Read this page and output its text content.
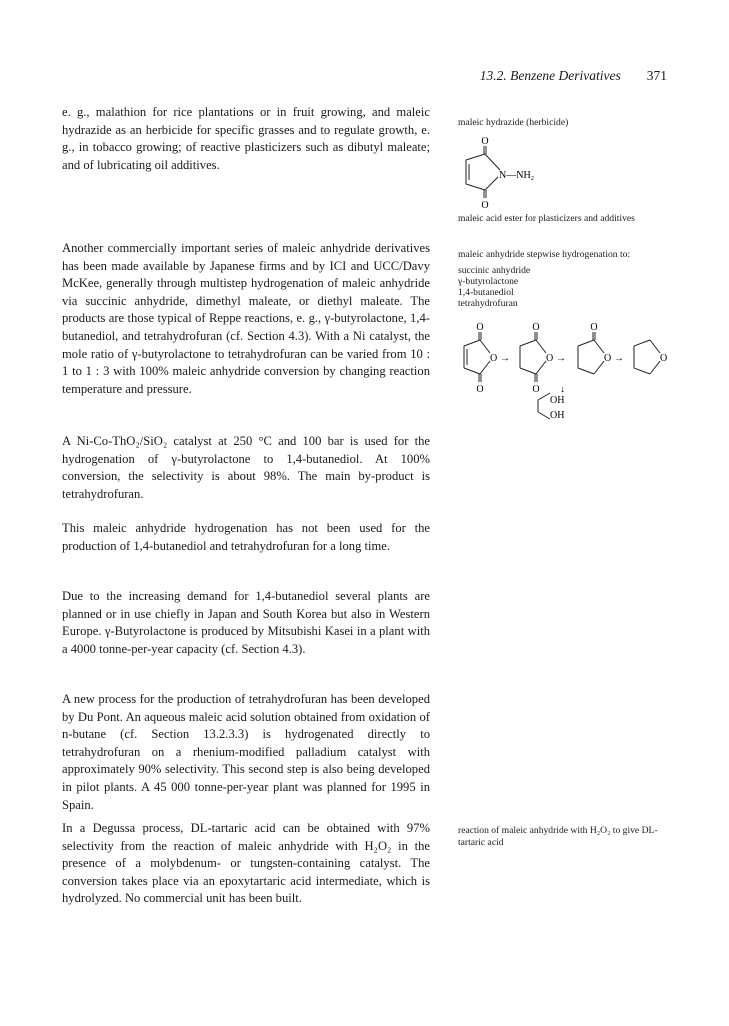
13.2. Benzene Derivatives 371

e. g., malathion for rice plantations or in fruit growing, and maleic hydrazide as an herbicide for specific grasses and to regulate growth, e. g., in tobacco growing; of reactive plasticizers such as dibutyl maleate; and of lubricating oil additives.

Another commercially important series of maleic anhydride derivatives has been made available by Japanese firms and by ICI and UCC/Davy McKee, generally through multistep hydrogenation of maleic anhydride via succinic anhydride, dimethyl maleate, or diethyl maleate. The products are those typical of Reppe reactions, e. g., γ-butyrolactone, 1,4-butanediol, and tetrahydrofuran (cf. Section 4.3). With a Ni catalyst, the mole ratio of γ-butyrolactone to tetrahydrofuran can be varied from 10 : 1 to 1 : 3 with 100% maleic anhydride conversion by changing reaction temperature and pressure.

A Ni-Co-ThO₂/SiO₂ catalyst at 250 °C and 100 bar is used for the hydrogenation of γ-butyrolactone to 1,4-butanediol. At 100% conversion, the selectivity is about 98%. The main by-product is tetrahydrofuran.

This maleic anhydride hydrogenation has not been used for the production of 1,4-butanediol and tetrahydrofuran for a long time.

Due to the increasing demand for 1,4-butanediol several plants are planned or in use chiefly in Japan and South Korea but also in Western Europe. γ-Butyrolactone is produced by Mitsubishi Kasei in a plant with a 4000 tonne-per-year capacity (cf. Section 4.3).

A new process for the production of tetrahydrofuran has been developed by Du Pont. An aqueous maleic acid solution obtained from oxidation of n-butane (cf. Section 13.2.3.3) is hydrogenated directly to tetrahydrofuran on a rhenium-modified palladium catalyst with approximately 90% selectivity. This second step is also being developed in pilot plants. A 45 000 tonne-per-year plant was planned for 1995 in Spain.

In a Degussa process, DL-tartaric acid can be obtained with 97% selectivity from the reaction of maleic anhydride with H₂O₂ in the presence of a molybdenum- or tungsten-containing catalyst. The conversion takes place via an epoxytartaric acid intermediate, which is hydrolyzed. No commercial unit has been built.

maleic hydrazide (herbicide)
O
N—NH₂
O
maleic acid ester for plasticizers and additives
maleic anhydride stepwise hydrogenation to:
succinic anhydride
γ-butyrolactone
1,4-butanediol
tetrahydrofuran
O
O
O
→
O
O
O
→
O
O →	O
↓
OH
OH
reaction of maleic anhydride with H₂O₂ to give DL-tartaric acid
